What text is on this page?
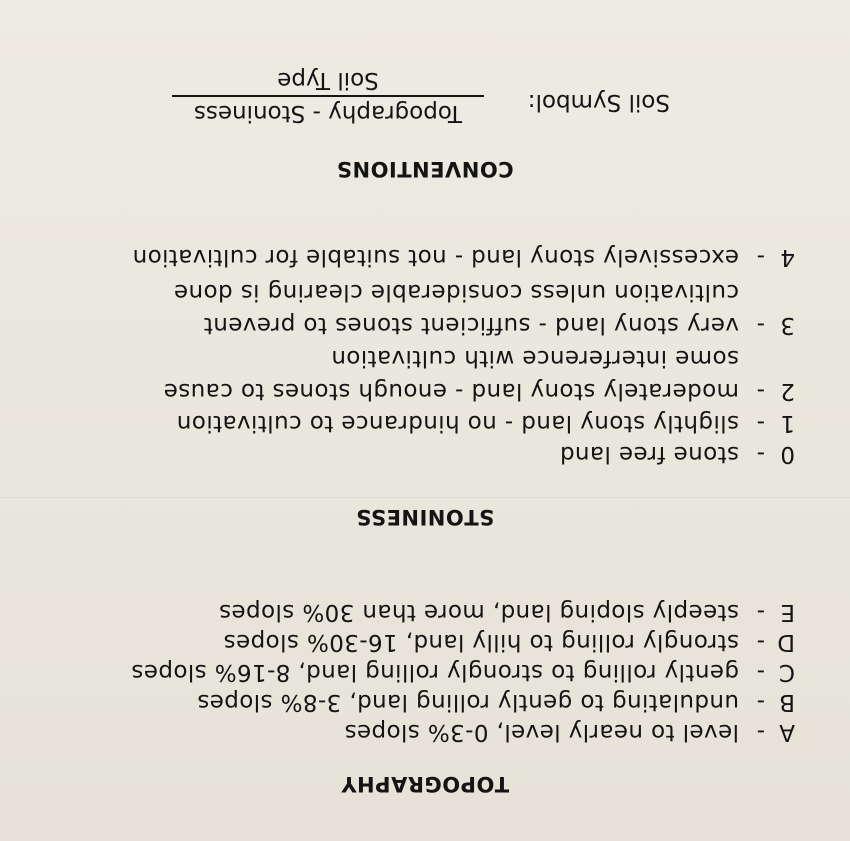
TOPOGRAPHY
A-level to nearly level, 0-3% slopes
B-undulating to gently rolling land, 3-8% slopes
C-gently rolling to strongly rolling land, 8-16% slopes
D-strongly rolling to hilly land, 16-30% slopes
E-steeply sloping land, more than 30% slopes
STONINESS
0-stone free land
1-slightly stony land - no hindrance to cultivation
2-moderately stony land - enough stones to cause
some interference with cultivation
3-very stony land - sufficient stones to prevent
cultivation unless considerable clearing is done
4-excessively stony land - not suitable for cultivation
CONVENTIONS
Soil Symbol:
Topography - Stoniness
Soil Type
